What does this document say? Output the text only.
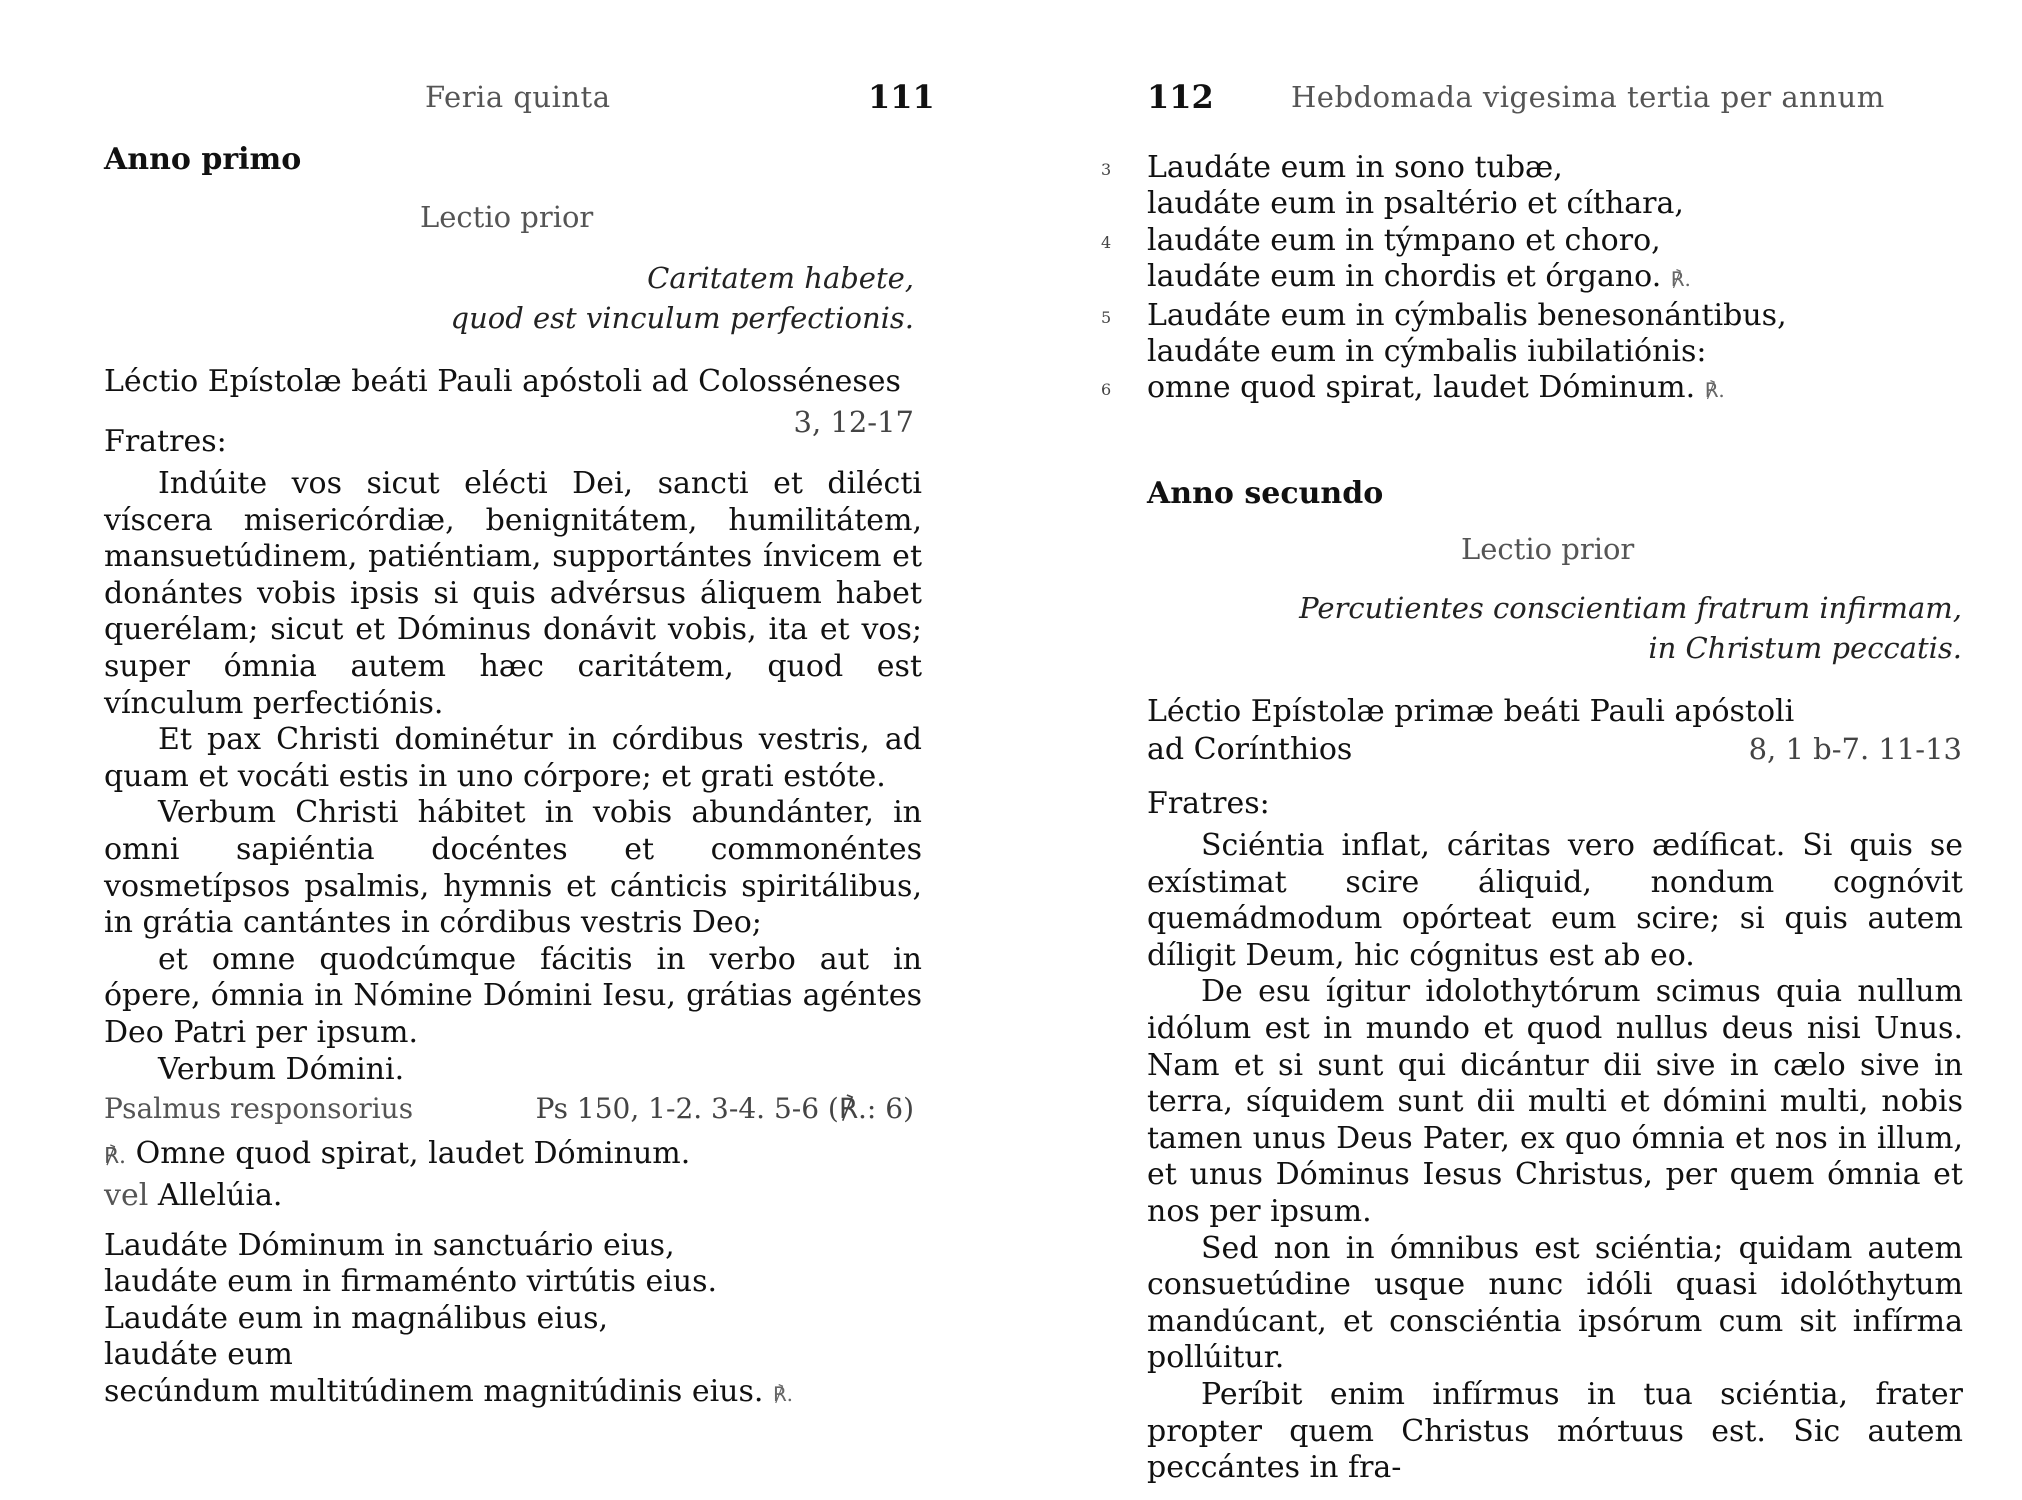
Feria quinta	111
Anno primo
Lectio prior
Caritatem habete,
quod est vinculum perfectionis.
Léctio Epístolæ beáti Pauli apóstoli ad Colosséneses
3, 12-17
Fratres:

Indúite vos sicut elécti Dei, sancti et dilécti víscera misericórdiæ, benignitátem, humilitátem, mansuetúdinem, patiéntiam, supportántes ínvicem et donántes vobis ipsis si quis advérsus áliquem habet querélam; sicut et Dóminus donávit vobis, ita et vos; super ómnia autem hæc caritátem, quod est vínculum perfectiónis.

Et pax Christi dominétur in córdibus vestris, ad quam et vocáti estis in uno córpore; et grati estóte.

Verbum Christi hábitet in vobis abundánter, in omni sapiéntia docéntes et commonéntes vosmetípsos psalmis, hymnis et cánticis spiritálibus, in grátia cantántes in córdibus vestris Deo;

et omne quodcúmque fácitis in verbo aut in ópere, ómnia in Nómine Dómini Iesu, grátias agéntes Deo Patri per ipsum.

Verbum Dómini.

Psalmus responsorius	Ps 150, 1-2. 3-4. 5-6 (℟.: 6)
℟. Omne quod spirat, laudet Dóminum.
vel Allelúia.
Laudáte Dóminum in sanctuário eius,
laudáte eum in firmaménto virtútis eius.
Laudáte eum in magnálibus eius,
laudáte eum
secúndum multitúdinem magnitúdinis eius. ℟.
112	Hebdomada vigesima tertia per annum
3 Laudáte eum in sono tubæ,
laudáte eum in psaltério et cíthara,
4 laudáte eum in týmpano et choro,
laudáte eum in chordis et órgano. ℟.
5 Laudáte eum in cýmbalis benesonántibus,
laudáte eum in cýmbalis iubilatiónis:
6 omne quod spirat, laudet Dóminum. ℟.
Anno secundo
Lectio prior
Percutientes conscientiam fratrum infirmam,
in Christum peccatis.
Léctio Epístolæ primæ beáti Pauli apóstoli
ad Corínthios	8, 1 b-7. 11-13
Fratres:

Sciéntia inflat, cáritas vero ædíficat. Si quis se exístimat scire áliquid, nondum cognóvit quemádmodum opórteat eum scire; si quis autem díligit Deum, hic cógnitus est ab eo.

De esu ígitur idolothytórum scimus quia nullum idólum est in mundo et quod nullus deus nisi Unus. Nam et si sunt qui dicántur dii sive in cælo sive in terra, síquidem sunt dii multi et dómini multi, nobis tamen unus Deus Pater, ex quo ómnia et nos in illum, et unus Dóminus Iesus Christus, per quem ómnia et nos per ipsum.

Sed non in ómnibus est sciéntia; quidam autem consuetúdine usque nunc idóli quasi idolóthytum mandúcant, et consciéntia ipsórum cum sit infírma pollúitur.

Períbit enim infírmus in tua sciéntia, frater propter quem Christus mórtuus est. Sic autem peccántes in fra-
